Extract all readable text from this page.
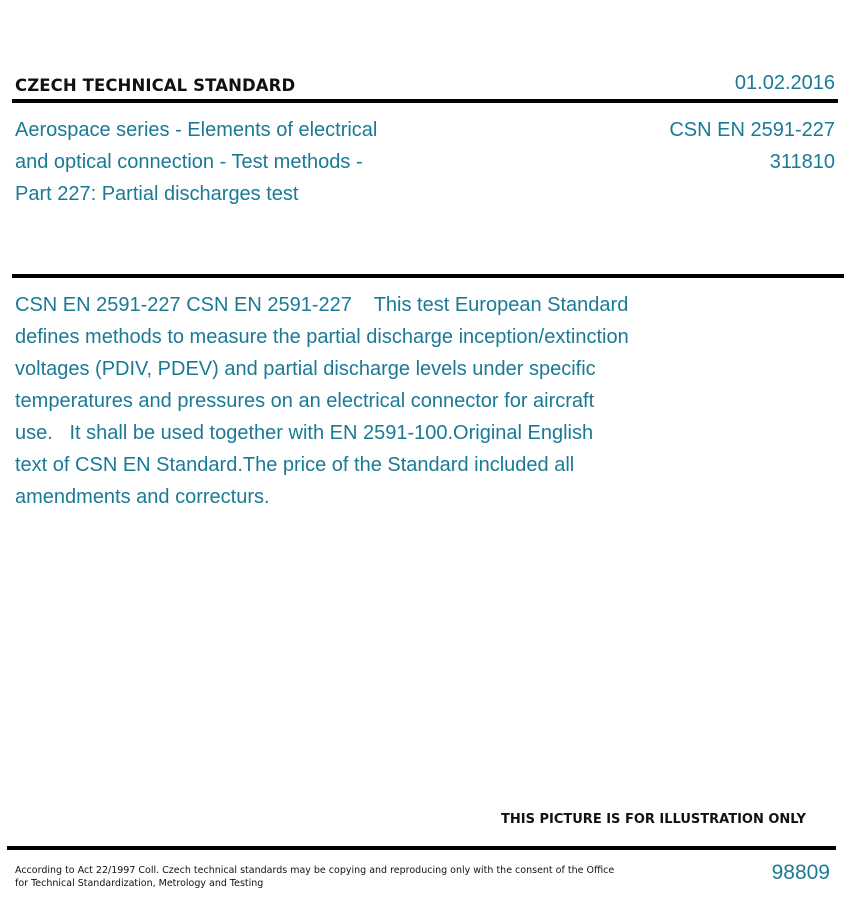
CZECH TECHNICAL STANDARD	01.02.2016
Aerospace series - Elements of electrical
and optical connection - Test methods -
Part 227: Partial discharges test
CSN EN 2591-227
311810
CSN EN 2591-227 CSN EN 2591-227    This test European Standard
defines methods to measure the partial discharge inception/extinction
voltages (PDIV, PDEV) and partial discharge levels under specific
temperatures and pressures on an electrical connector for aircraft
use.   It shall be used together with EN 2591-100.Original English
text of CSN EN Standard.The price of the Standard included all
amendments and correcturs.
THIS PICTURE IS FOR ILLUSTRATION ONLY
According to Act 22/1997 Coll. Czech technical standards may be copying and reproducing only with the consent of the Office
for Technical Standardization, Metrology and Testing	98809
